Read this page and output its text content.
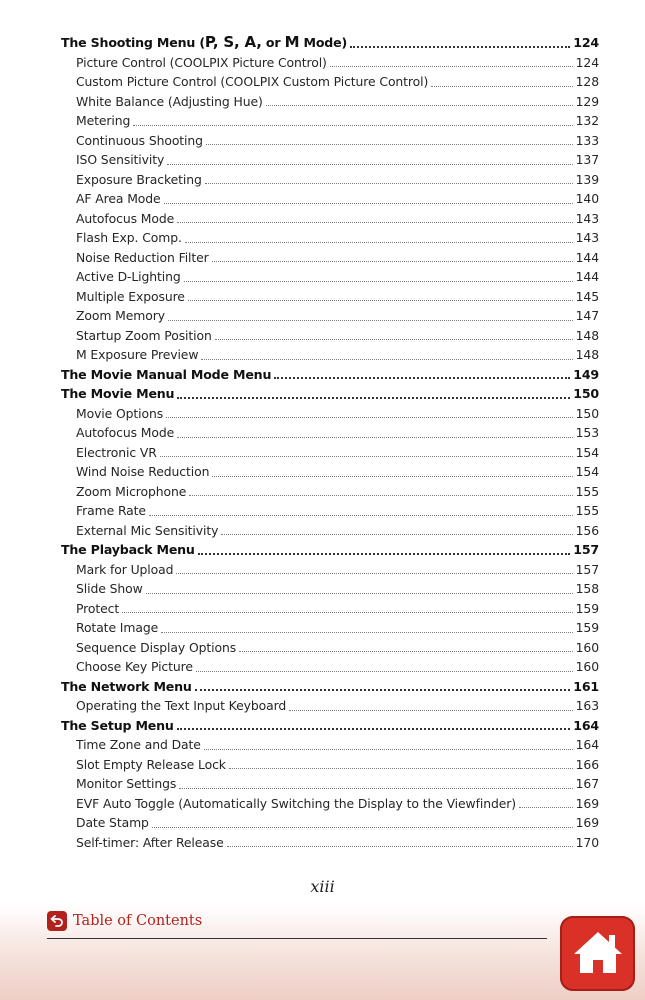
The Shooting Menu (P, S, A, or M Mode)	124
Picture Control (COOLPIX Picture Control)	124
Custom Picture Control (COOLPIX Custom Picture Control)	128
White Balance (Adjusting Hue)	129
Metering	132
Continuous Shooting	133
ISO Sensitivity	137
Exposure Bracketing	139
AF Area Mode	140
Autofocus Mode	143
Flash Exp. Comp.	143
Noise Reduction Filter	144
Active D-Lighting	144
Multiple Exposure	145
Zoom Memory	147
Startup Zoom Position	148
M Exposure Preview	148
The Movie Manual Mode Menu	149
The Movie Menu	150
Movie Options	150
Autofocus Mode	153
Electronic VR	154
Wind Noise Reduction	154
Zoom Microphone	155
Frame Rate	155
External Mic Sensitivity	156
The Playback Menu	157
Mark for Upload	157
Slide Show	158
Protect	159
Rotate Image	159
Sequence Display Options	160
Choose Key Picture	160
The Network Menu	161
Operating the Text Input Keyboard	163
The Setup Menu	164
Time Zone and Date	164
Slot Empty Release Lock	166
Monitor Settings	167
EVF Auto Toggle (Automatically Switching the Display to the Viewfinder)	169
Date Stamp	169
Self-timer: After Release	170
xiii
Table of Contents
